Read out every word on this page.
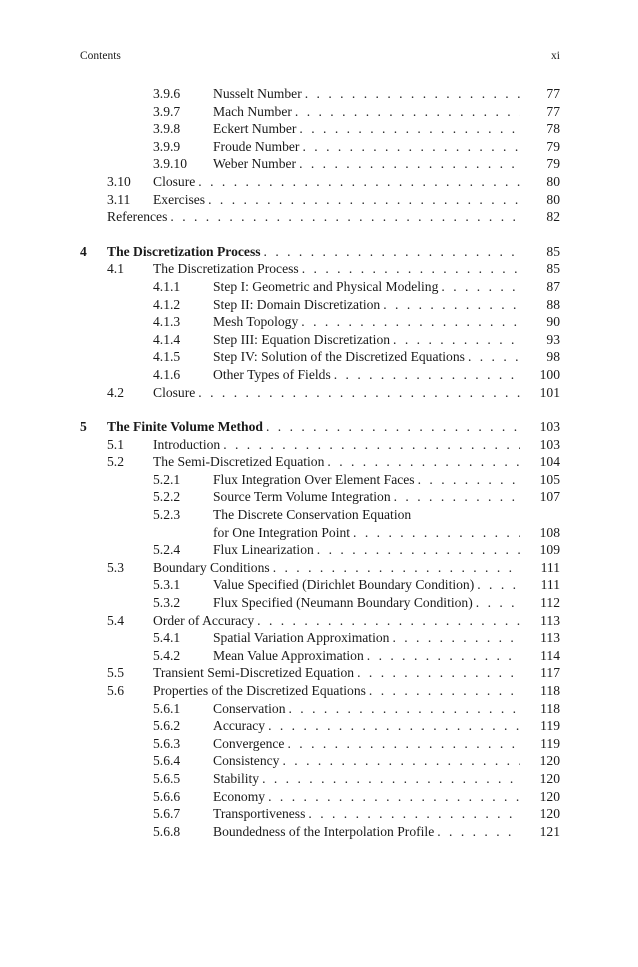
Contents	xi
3.9.6 Nusselt Number . . .	77
3.9.7 Mach Number . . .	77
3.9.8 Eckert Number . . .	78
3.9.9 Froude Number . . .	79
3.9.10 Weber Number . . .	79
3.10 Closure . . .	80
3.11 Exercises . . .	80
References . . .	82
4 The Discretization Process . . .	85
4.1 The Discretization Process . . .	85
4.1.1 Step I: Geometric and Physical Modeling . . .	87
4.1.2 Step II: Domain Discretization . . .	88
4.1.3 Mesh Topology . . .	90
4.1.4 Step III: Equation Discretization . . .	93
4.1.5 Step IV: Solution of the Discretized Equations . . .	98
4.1.6 Other Types of Fields . . .	100
4.2 Closure . . .	101
5 The Finite Volume Method . . .	103
5.1 Introduction . . .	103
5.2 The Semi-Discretized Equation . . .	104
5.2.1 Flux Integration Over Element Faces . . .	105
5.2.2 Source Term Volume Integration . . .	107
5.2.3 The Discrete Conservation Equation
for One Integration Point . . .	108
5.2.4 Flux Linearization . . .	109
5.3 Boundary Conditions . . .	111
5.3.1 Value Specified (Dirichlet Boundary Condition) . . .	111
5.3.2 Flux Specified (Neumann Boundary Condition) . . .	112
5.4 Order of Accuracy . . .	113
5.4.1 Spatial Variation Approximation . . .	113
5.4.2 Mean Value Approximation . . .	114
5.5 Transient Semi-Discretized Equation . . .	117
5.6 Properties of the Discretized Equations . . .	118
5.6.1 Conservation . . .	118
5.6.2 Accuracy . . .	119
5.6.3 Convergence . . .	119
5.6.4 Consistency . . .	120
5.6.5 Stability . . .	120
5.6.6 Economy . . .	120
5.6.7 Transportiveness . . .	120
5.6.8 Boundedness of the Interpolation Profile . . .	121
